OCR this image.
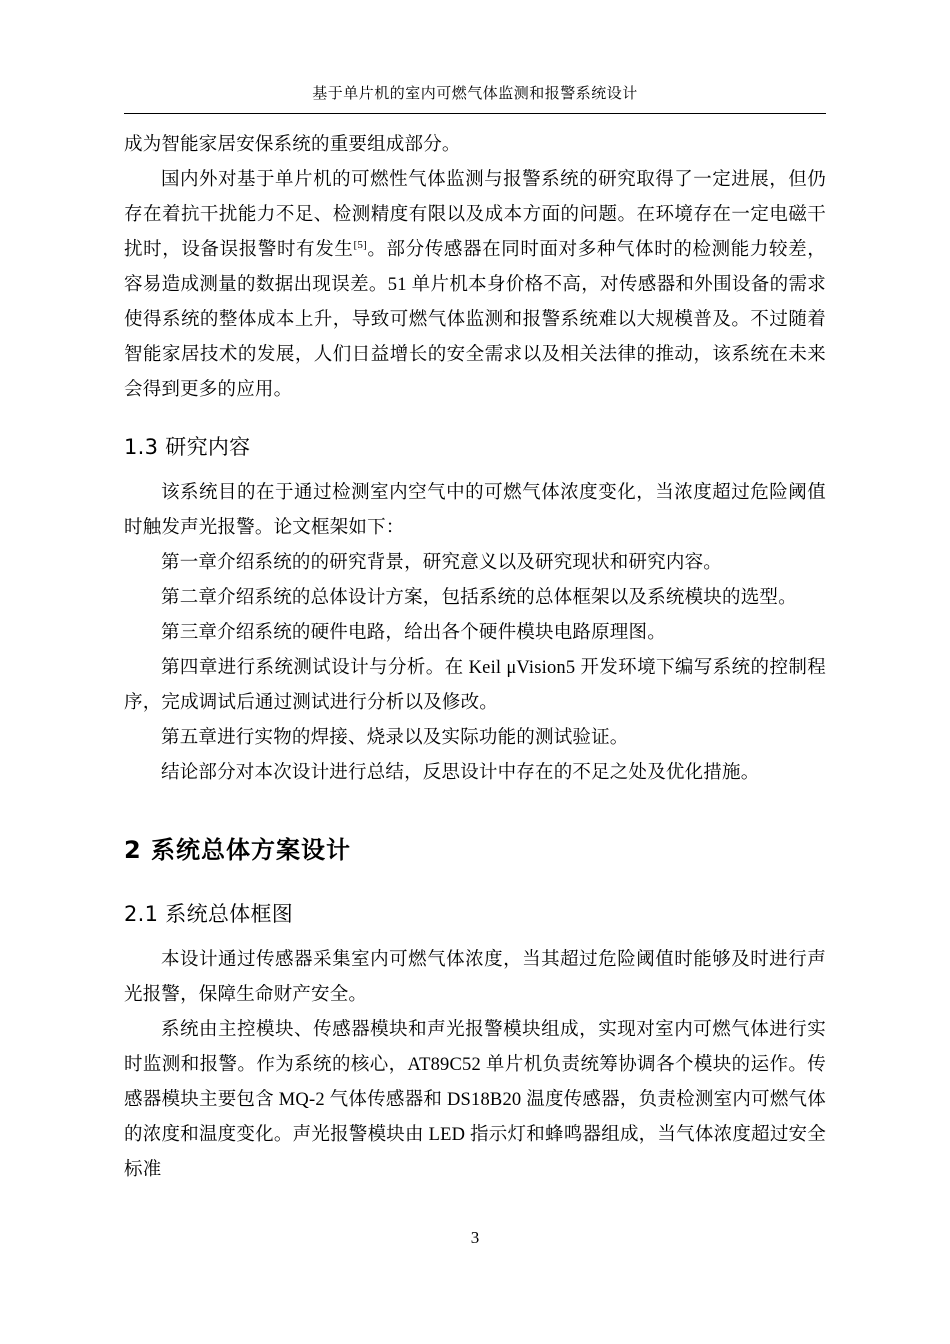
基于单片机的室内可燃气体监测和报警系统设计

成为智能家居安保系统的重要组成部分。

国内外对基于单片机的可燃性气体监测与报警系统的研究取得了一定进展，但仍存在着抗干扰能力不足、检测精度有限以及成本方面的问题。在环境存在一定电磁干扰时，设备误报警时有发生[5]。部分传感器在同时面对多种气体时的检测能力较差，容易造成测量的数据出现误差。51 单片机本身价格不高，对传感器和外围设备的需求使得系统的整体成本上升，导致可燃气体监测和报警系统难以大规模普及。不过随着智能家居技术的发展，人们日益增长的安全需求以及相关法律的推动，该系统在未来会得到更多的应用。

1.3 研究内容

该系统目的在于通过检测室内空气中的可燃气体浓度变化，当浓度超过危险阈值时触发声光报警。论文框架如下：

第一章介绍系统的的研究背景，研究意义以及研究现状和研究内容。

第二章介绍系统的总体设计方案，包括系统的总体框架以及系统模块的选型。

第三章介绍系统的硬件电路，给出各个硬件模块电路原理图。

第四章进行系统测试设计与分析。在 Keil μVision5 开发环境下编写系统的控制程序，完成调试后通过测试进行分析以及修改。

第五章进行实物的焊接、烧录以及实际功能的测试验证。

结论部分对本次设计进行总结，反思设计中存在的不足之处及优化措施。

2 系统总体方案设计
2.1 系统总体框图

本设计通过传感器采集室内可燃气体浓度，当其超过危险阈值时能够及时进行声光报警，保障生命财产安全。

系统由主控模块、传感器模块和声光报警模块组成，实现对室内可燃气体进行实时监测和报警。作为系统的核心，AT89C52 单片机负责统筹协调各个模块的运作。传感器模块主要包含 MQ-2 气体传感器和 DS18B20 温度传感器，负责检测室内可燃气体的浓度和温度变化。声光报警模块由 LED 指示灯和蜂鸣器组成，当气体浓度超过安全标准

3
